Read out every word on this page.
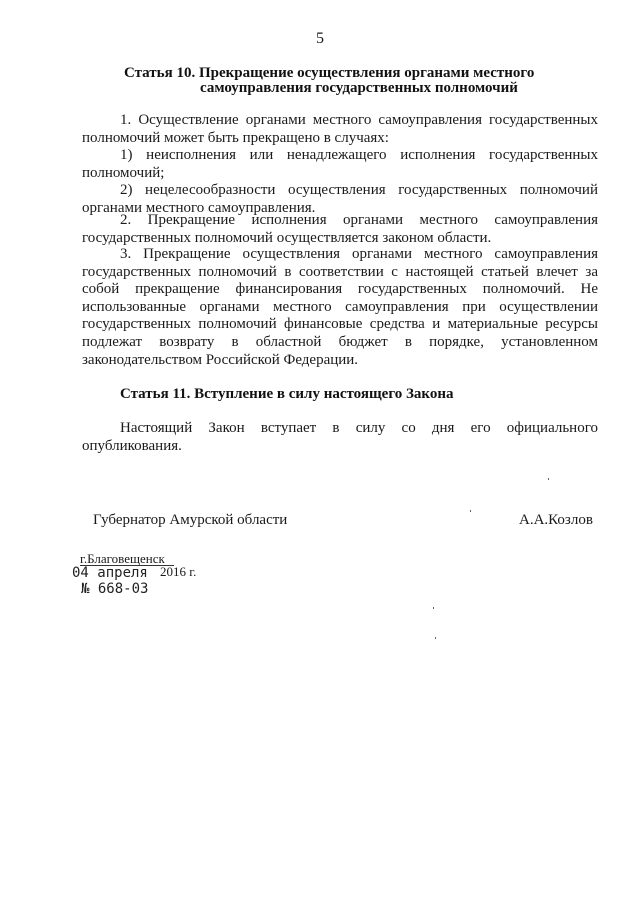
5
Статья 10. Прекращение осуществления органами местного
самоуправления государственных полномочий
1. Осуществление органами местного самоуправления государственных
полномочий может быть прекращено в случаях:
1) неисполнения или ненадлежащего исполнения государственных
полномочий;
2) нецелесообразности осуществления государственных полномочий
органами местного самоуправления.
2. Прекращение исполнения органами местного самоуправления
государственных полномочий осуществляется законом области.
3. Прекращение осуществления органами местного самоуправления
государственных полномочий в соответствии с настоящей статьей влечет за
собой прекращение финансирования государственных полномочий. Не
использованные органами местного самоуправления при осуществлении
государственных полномочий финансовые средства и материальные ресурсы
подлежат возврату в областной бюджет в порядке, установленном
законодательством Российской Федерации.
Статья 11. Вступление в силу настоящего Закона
Настоящий Закон вступает в силу со дня его официального
опубликования.
Губернатор Амурской области	А.А.Козлов
г.Благовещенск
04 апреля 2016 г.
№ 668-03
